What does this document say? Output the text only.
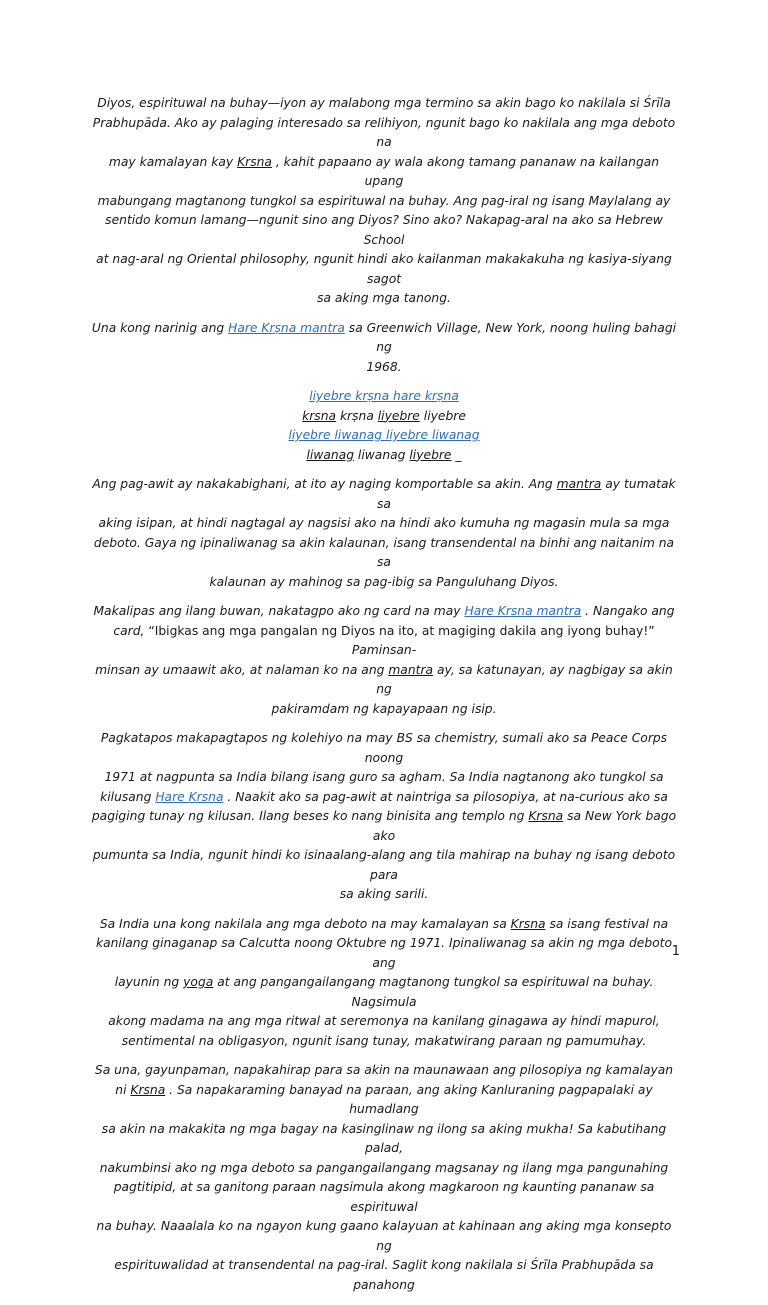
Diyos, espirituwal na buhay—iyon ay malabong mga termino sa akin bago ko nakilala si Śrīla
Prabhupāda. Ako ay palaging interesado sa relihiyon, ngunit bago ko nakilala ang mga deboto na
may kamalayan kay Krsna , kahit papaano ay wala akong tamang pananaw na kailangan upang
mabungang magtanong tungkol sa espirituwal na buhay. Ang pag-iral ng isang Maylalang ay
sentido komun lamang—ngunit sino ang Diyos? Sino ako? Nakapag-aral na ako sa Hebrew School
at nag-aral ng Oriental philosophy, ngunit hindi ako kailanman makakakuha ng kasiya-siyang sagot
sa aking mga tanong.

Una kong narinig ang Hare Krṣna mantra sa Greenwich Village, New York, noong huling bahagi ng
1968.

liyebre krṣna hare krṣna
krsna krṣna liyebre liyebre
liyebre liwanag liyebre liwanag
liwanag liwanag liyebre _

Ang pag-awit ay nakakabighani, at ito ay naging komportable sa akin. Ang mantra ay tumatak sa
aking isipan, at hindi nagtagal ay nagsisi ako na hindi ako kumuha ng magasin mula sa mga
deboto. Gaya ng ipinaliwanag sa akin kalaunan, isang transendental na binhi ang naitanim na sa
kalaunan ay mahinog sa pag-ibig sa Panguluhang Diyos.

Makalipas ang ilang buwan, nakatagpo ako ng card na may Hare Krsna mantra . Nangako ang
card, “Ibigkas ang mga pangalan ng Diyos na ito, at magiging dakila ang iyong buhay!” Paminsan-
minsan ay umaawit ako, at nalaman ko na ang mantra ay, sa katunayan, ay nagbigay sa akin ng
pakiramdam ng kapayapaan ng isip.

Pagkatapos makapagtapos ng kolehiyo na may BS sa chemistry, sumali ako sa Peace Corps noong
1971 at nagpunta sa India bilang isang guro sa agham. Sa India nagtanong ako tungkol sa
kilusang Hare Krsna . Naakit ako sa pag-awit at naintriga sa pilosopiya, at na-curious ako sa
pagiging tunay ng kilusan. Ilang beses ko nang binisita ang templo ng Krsna sa New York bago ako
pumunta sa India, ngunit hindi ko isinaalang-alang ang tila mahirap na buhay ng isang deboto para
sa aking sarili.

Sa India una kong nakilala ang mga deboto na may kamalayan sa Krsna sa isang festival na
kanilang ginaganap sa Calcutta noong Oktubre ng 1971. Ipinaliwanag sa akin ng mga deboto ang
layunin ng yoga at ang pangangailangang magtanong tungkol sa espirituwal na buhay. Nagsimula
akong madama na ang mga ritwal at seremonya na kanilang ginagawa ay hindi mapurol,
sentimental na obligasyon, ngunit isang tunay, makatwirang paraan ng pamumuhay.

Sa una, gayunpaman, napakahirap para sa akin na maunawaan ang pilosopiya ng kamalayan
ni Krsna . Sa napakaraming banayad na paraan, ang aking Kanluraning pagpapalaki ay humadlang
sa akin na makakita ng mga bagay na kasinglinaw ng ilong sa aking mukha! Sa kabutihang palad,
nakumbinsi ako ng mga deboto sa pangangailangang magsanay ng ilang mga pangunahing
pagtitipid, at sa ganitong paraan nagsimula akong magkaroon ng kaunting pananaw sa espirituwal
na buhay. Naaalala ko na ngayon kung gaano kalayuan at kahinaan ang aking mga konsepto ng
espirituwalidad at transendental na pag-iral. Saglit kong nakilala si Śrīla Prabhupāda sa panahong

1
